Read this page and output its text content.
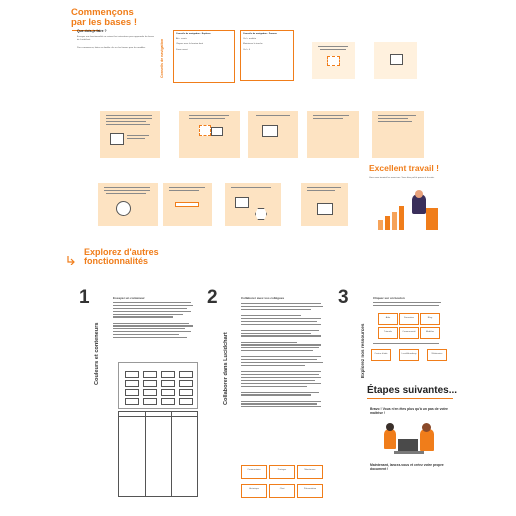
Commençons
par les bases !
Que dois-je faire ?
Essayez une fonctionnalité en suivant les instructions pour apprendre les bases de Lucidchart.
Pour commencer, faites un double clic sur les formes pour les modifier.	Conseils de navigation
Conseils de navigation : Explorer
Alt + souris
Cliquez avec le bouton droit
Zoom avant
Conseils de navigation : Zoomer
Ctrl + molette
Maintenez la touche
Ctrl + 0
Excellent travail !
Vous avez terminé les exercices. Vous êtes prêt à passer à la suite.
Explorez d'autres
fonctionnalités
1
Couleurs et conteneurs
Essayez un conteneur	2
Collaborer dans Lucidchart
Collaborer avec vos collègues
Commentaire	Partager	Mentionner
Historique	Chat	Présentation
3
Explorez nos ressources
Cliquez sur un bouton
Aide	Formation	Blog
Tutoriels	Communauté	Modèles
Centre d'aide	Lucid Academy	Webinaires
Étapes suivantes...
Bravo ! Vous n'en êtes plus qu'à un pas de votre maîtrise !
Maintenant, lancez-vous et créez votre propre document !
